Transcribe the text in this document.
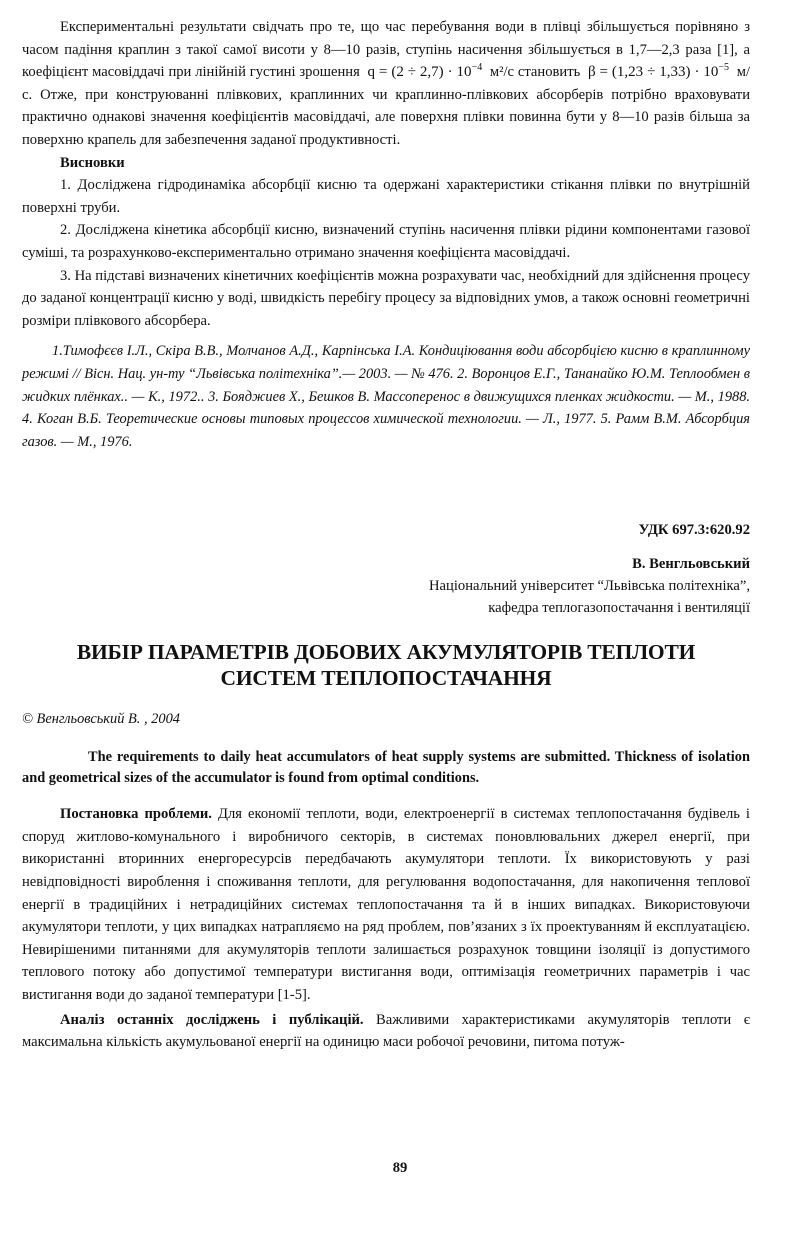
Експериментальні результати свідчать про те, що час перебування води в плівці збільшується порівняно з часом падіння краплин з такої самої висоти у 8—10 разів, ступінь насичення збільшується в 1,7—2,3 раза [1], а коефіцієнт масовіддачі при лінійній густині зрошення $q = (2 \div 2,7) \cdot 10^{-4}$ м²/с становить $\beta = (1,23 \div 1,33) \cdot 10^{-5}$ м/с. Отже, при конструюванні плівкових, краплинних чи краплинно-плівкових абсорберів потрібно враховувати практично однакові значення коефіцієнтів масовіддачі, але поверхня плівки повинна бути у 8—10 разів більша за поверхню крапель для забезпечення заданої продуктивності.

Висновки

1. Досліджена гідродинаміка абсорбції кисню та одержані характеристики стікання плівки по внутрішній поверхні труби.

2. Досліджена кінетика абсорбції кисню, визначений ступінь насичення плівки рідини компонентами газової суміші, та розрахунково-експериментально отримано значення коефіцієнта масовіддачі.

3. На підставі визначених кінетичних коефіцієнтів можна розрахувати час, необхідний для здійснення процесу до заданої концентрації кисню у воді, швидкість перебігу процесу за відповідних умов, а також основні геометричні розміри плівкового абсорбера.

1.Тимофєєв І.Л., Скіра В.В., Молчанов А.Д., Карпінська І.А. Кондиціювання води абсорбцією кисню в краплинному режимі // Вісн. Нац. ун-ту “Львівська політехніка”.— 2003. — № 476. 2. Воронцов Е.Г., Тананайко Ю.М. Теплообмен в жидких плёнках.. — К., 1972.. 3. Бояджиев Х., Бешков В. Массоперенос в движущихся пленках жидкости. — М., 1988. 4. Коган В.Б. Теоретические основы типовых процессов химической технологии. — Л., 1977. 5. Рамм В.М. Абсорбция газов. — М., 1976.

УДК 697.3:620.92

В. Венгльовський
Національний університет “Львівська політехніка”,
кафедра теплогазопостачання і вентиляції
ВИБІР ПАРАМЕТРІВ ДОБОВИХ АКУМУЛЯТОРІВ ТЕПЛОТИ
СИСТЕМ ТЕПЛОПОСТАЧАННЯ

© Венгльовський В. , 2004

The requirements to daily heat accumulators of heat supply systems are submitted. Thickness of isolation and geometrical sizes of the accumulator is found from optimal conditions.

Постановка проблеми. Для економії теплоти, води, електроенергії в системах теплопостачання будівель і споруд житлово-комунального і виробничого секторів, в системах поновлювальних джерел енергії, при використанні вторинних енергоресурсів передбачають акумулятори теплоти. Їх використовують у разі невідповідності вироблення і споживання теплоти, для регулювання водопостачання, для накопичення теплової енергії в традиційних і нетрадиційних системах теплопостачання та й в інших випадках. Використовуючи акумулятори теплоти, у цих випадках натрапляємо на ряд проблем, пов’язаних з їх проектуванням й експлуатацією. Невирішеними питаннями для акумуляторів теплоти залишається розрахунок товщини ізоляції із допустимого теплового потоку або допустимої температури вистигання води, оптимізація геометричних параметрів і час вистигання води до заданої температури [1-5].

Аналіз останніх досліджень і публікацій. Важливими характеристиками акумуляторів теплоти є максимальна кількість акумульованої енергії на одиницю маси робочої речовини, питома потуж-

89
